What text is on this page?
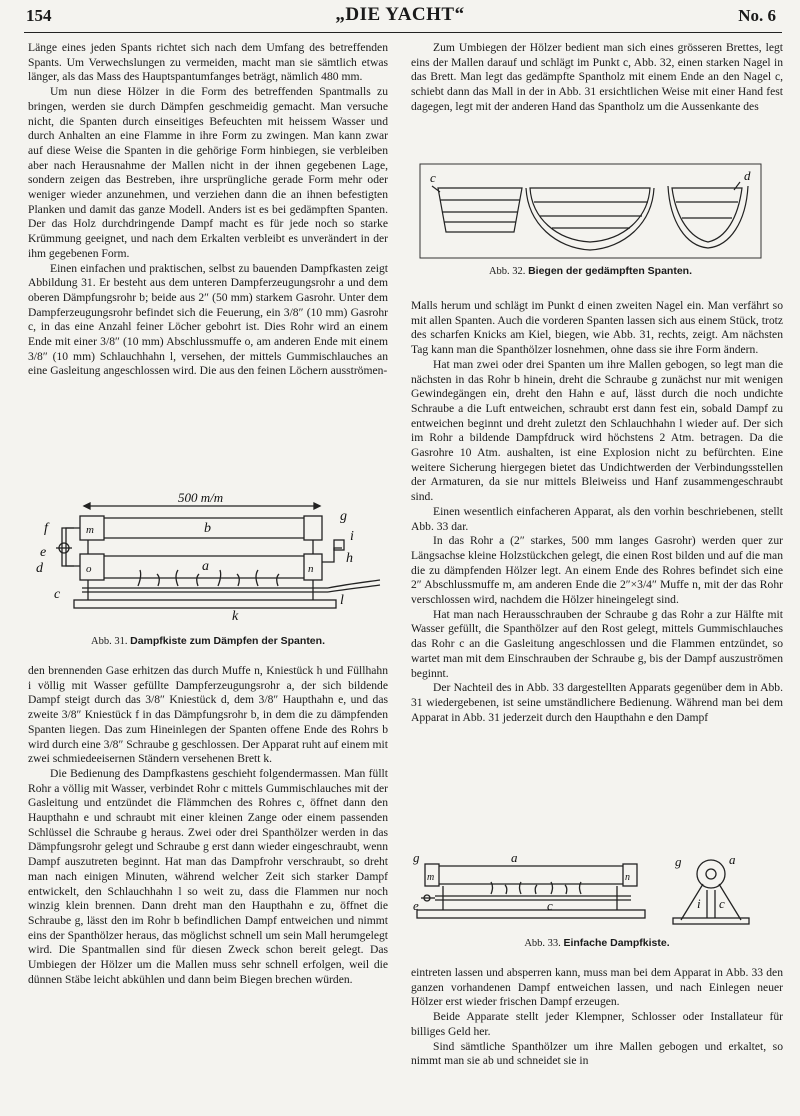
154	„DIE YACHT“	No. 6

Länge eines jeden Spants richtet sich nach dem Umfang des betreffenden Spants. Um Verwechslungen zu vermeiden, macht man sie sämtlich etwas länger, als das Mass des Hauptspantumfanges beträgt, nämlich 480 mm.

Um nun diese Hölzer in die Form des betreffenden Spantmalls zu bringen, werden sie durch Dämpfen geschmeidig gemacht. Man versuche nicht, die Spanten durch einseitiges Befeuchten mit heissem Wasser und durch Anhalten an eine Flamme in ihre Form zu zwingen. Man kann zwar auf diese Weise die Spanten in die gehörige Form hinbiegen, sie verbleiben aber nach Herausnahme der Mallen nicht in der ihnen gegebenen Lage, sondern zeigen das Bestreben, ihre ursprüngliche gerade Form mehr oder weniger wieder anzunehmen, und verziehen dann die an ihnen befestigten Planken und damit das ganze Modell. Anders ist es bei gedämpften Spanten. Der das Holz durchdringende Dampf macht es für jede noch so starke Krümmung geeignet, und nach dem Erkalten verbleibt es unverändert in der ihm gegebenen Form.

Einen einfachen und praktischen, selbst zu bauenden Dampfkasten zeigt Abbildung 31. Er besteht aus dem unteren Dampferzeugungsrohr a und dem oberen Dämpfungsrohr b; beide aus 2″ (50 mm) starkem Gasrohr. Unter dem Dampferzeugungsrohr befindet sich die Feuerung, ein 3/8″ (10 mm) Gasrohr c, in das eine Anzahl feiner Löcher gebohrt ist. Dies Rohr wird an einem Ende mit einer 3/8″ (10 mm) Abschlussmuffe o, am anderen Ende mit einem 3/8″ (10 mm) Schlauchhahn l, versehen, der mittels Gummischlauches an eine Gasleitung angeschlossen wird. Die aus den feinen Löchern ausströmen-

500 m/m
f	m	b
g
i
e
d	o	n
h
a
c	l
k
Abb. 31. Dampfkiste zum Dämpfen der Spanten.

den brennenden Gase erhitzen das durch Muffe n, Kniestück h und Füllhahn i völlig mit Wasser gefüllte Dampferzeugungsrohr a, der sich bildende Dampf steigt durch das 3/8″ Kniestück d, dem 3/8″ Haupthahn e, und das zweite 3/8″ Kniestück f in das Dämpfungsrohr b, in dem die zu dämpfenden Spanten liegen. Das zum Hineinlegen der Spanten offene Ende des Rohrs b wird durch eine 3/8″ Schraube g geschlossen. Der Apparat ruht auf einem mit zwei schmiedeeisernen Ständern versehenen Brett k.

Die Bedienung des Dampfkastens geschieht folgendermassen. Man füllt Rohr a völlig mit Wasser, verbindet Rohr c mittels Gummischlauches mit der Gasleitung und entzündet die Flämmchen des Rohres c, öffnet dann den Haupthahn e und schraubt mit einer kleinen Zange oder einem passenden Schlüssel die Schraube g heraus. Zwei oder drei Spanthölzer werden in das Dämpfungsrohr gelegt und Schraube g erst dann wieder eingeschraubt, wenn Dampf auszutreten beginnt. Hat man das Dampfrohr verschraubt, so dreht man nach einigen Minuten, während welcher Zeit sich starker Dampf entwickelt, den Schlauchhahn l so weit zu, dass die Flammen nur noch winzig klein brennen. Dann dreht man den Haupthahn e zu, öffnet die Schraube g, lässt den im Rohr b befindlichen Dampf entweichen und nimmt eins der Spanthölzer heraus, das möglichst schnell um sein Mall herumgelegt wird. Die Spantmallen sind für diesen Zweck schon bereit gelegt. Das Umbiegen der Hölzer um die Mallen muss sehr schnell erfolgen, weil die dünnen Stäbe leicht abkühlen und dann beim Biegen brechen würden.

Zum Umbiegen der Hölzer bedient man sich eines grösseren Brettes, legt eins der Mallen darauf und schlägt im Punkt c, Abb. 32, einen starken Nagel in das Brett. Man legt das gedämpfte Spantholz mit einem Ende an den Nagel c, schiebt dann das Mall in der in Abb. 31 ersichtlichen Weise mit einer Hand fest dagegen, legt mit der anderen Hand das Spantholz um die Aussenkante des

c	d
Abb. 32. Biegen der gedämpften Spanten.

Malls herum und schlägt im Punkt d einen zweiten Nagel ein. Man verfährt so mit allen Spanten. Auch die vorderen Spanten lassen sich aus einem Stück, trotz des scharfen Knicks am Kiel, biegen, wie Abb. 31, rechts, zeigt. Am nächsten Tag kann man die Spanthölzer losnehmen, ohne dass sie ihre Form ändern.

Hat man zwei oder drei Spanten um ihre Mallen gebogen, so legt man die nächsten in das Rohr b hinein, dreht die Schraube g zunächst nur mit wenigen Gewindegängen ein, dreht den Hahn e auf, lässt durch die noch undichte Schraube a die Luft entweichen, schraubt erst dann fest ein, sobald Dampf zu entweichen beginnt und dreht zuletzt den Schlauchhahn l wieder auf. Der sich im Rohr a bildende Dampfdruck wird höchstens 2 Atm. betragen. Da die Gasrohre 10 Atm. aushalten, ist eine Explosion nicht zu befürchten. Eine weitere Sicherung hiergegen bietet das Undichtwerden der Verbindungsstellen der Armaturen, da sie nur mittels Bleiweiss und Hanf zusammengeschraubt sind.

Einen wesentlich einfacheren Apparat, als den vorhin beschriebenen, stellt Abb. 33 dar.

In das Rohr a (2″ starkes, 500 mm langes Gasrohr) werden quer zur Längsachse kleine Holzstückchen gelegt, die einen Rost bilden und auf die man die zu dämpfenden Hölzer legt. An einem Ende des Rohres befindet sich eine 2″ Abschlussmuffe m, am anderen Ende die 2″×3/4″ Muffe n, mit der das Rohr verschlossen wird, nachdem die Hölzer hineingelegt sind.

Hat man nach Herausschrauben der Schraube g das Rohr a zur Hälfte mit Wasser gefüllt, die Spanthölzer auf den Rost gelegt, mittels Gummischlauches das Rohr c an die Gasleitung angeschlossen und die Flammen entzündet, so wartet man mit dem Einschrauben der Schraube g, bis der Dampf auszuströmen beginnt.

Der Nachteil des in Abb. 33 dargestellten Apparats gegenüber dem in Abb. 31 wiedergebenen, ist seine umständlichere Bedienung. Während man bei dem Apparat in Abb. 31 jederzeit durch den Haupthahn e den Dampf

g	a
m	n
e	c
g	a
i c
Abb. 33. Einfache Dampfkiste.

eintreten lassen und absperren kann, muss man bei dem Apparat in Abb. 33 den ganzen vorhandenen Dampf entweichen lassen, und nach Einlegen neuer Hölzer erst wieder frischen Dampf erzeugen.

Beide Apparate stellt jeder Klempner, Schlosser oder Installateur für billiges Geld her.

Sind sämtliche Spanthölzer um ihre Mallen gebogen und erkaltet, so nimmt man sie ab und schneidet sie in
